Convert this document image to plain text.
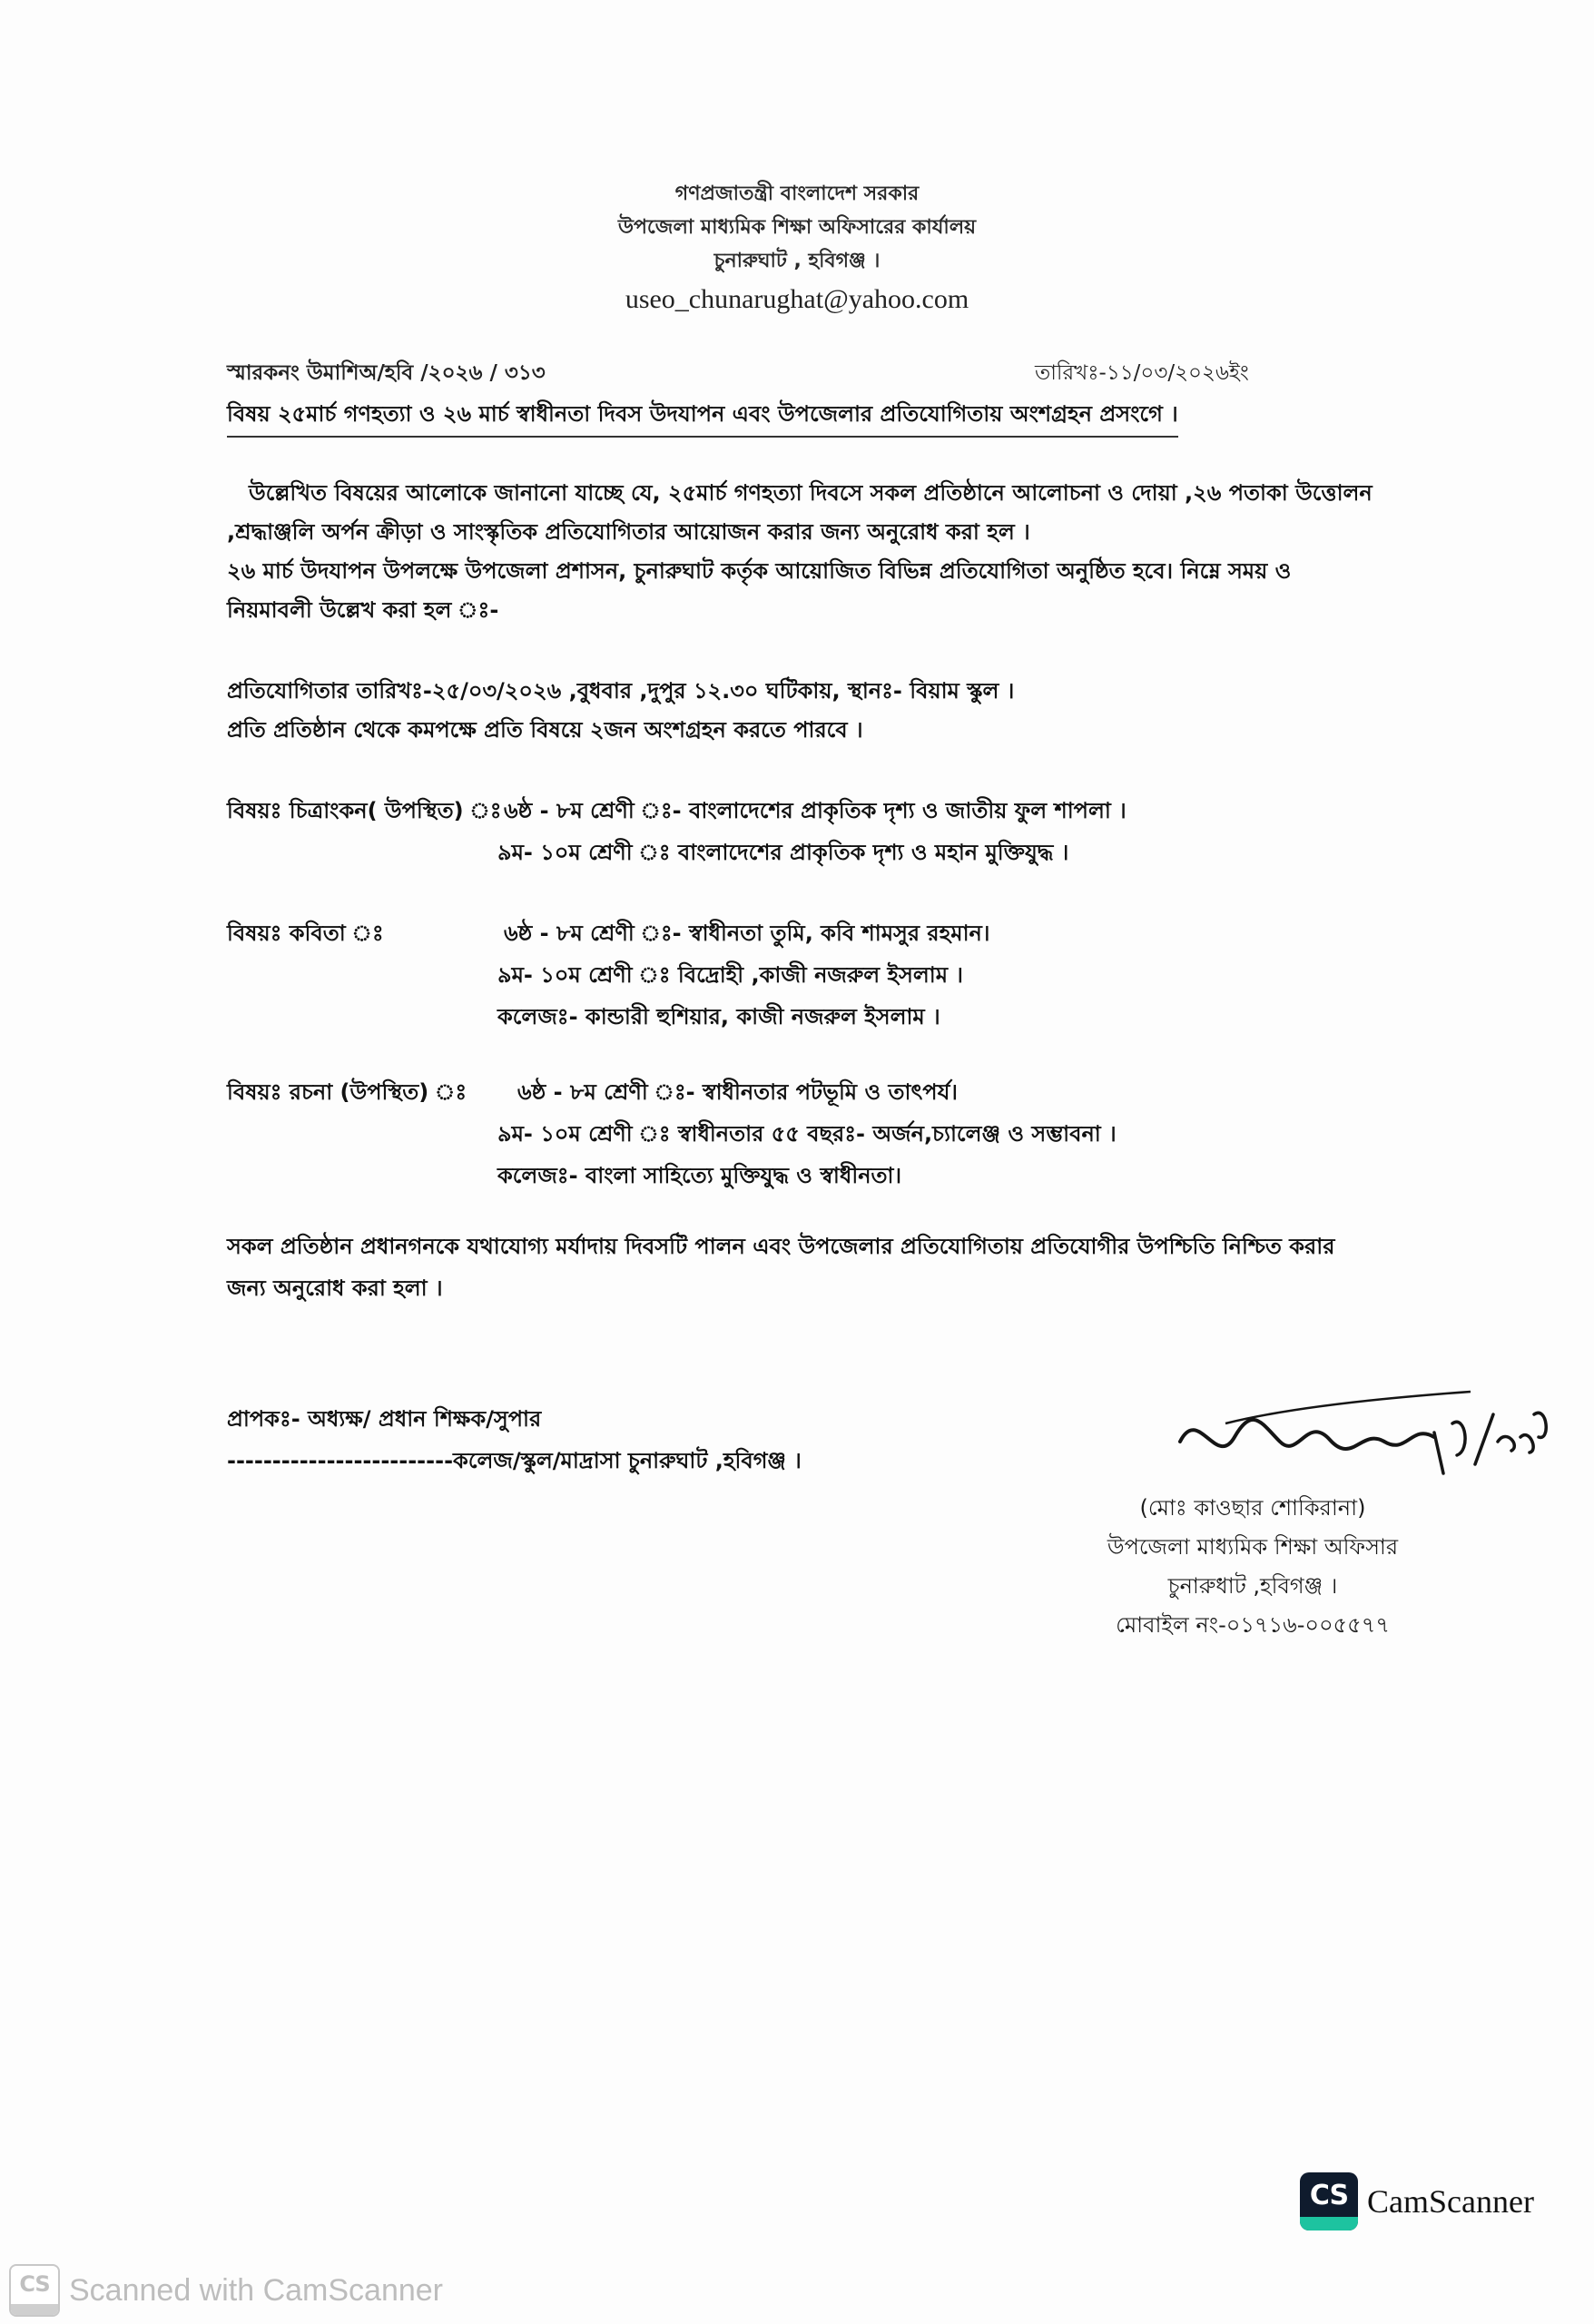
গণপ্রজাতন্ত্রী বাংলাদেশ সরকার
উপজেলা মাধ্যমিক শিক্ষা অফিসারের কার্যালয়
চুনারুঘাট , হবিগঞ্জ ।
useo_chunarughat@yahoo.com
স্মারকনং উমাশিঅ/হবি /২০২৬ / ৩১৩	তারিখঃ-১১/০৩/২০২৬ইং
বিষয় ২৫মার্চ গণহত্যা ও ২৬ মার্চ স্বাধীনতা দিবস উদযাপন এবং উপজেলার প্রতিযোগিতায় অংশগ্রহন প্রসংগে ।
উল্লেখিত বিষয়ের আলোকে জানানো যাচ্ছে যে, ২৫মার্চ গণহত্যা দিবসে সকল প্রতিষ্ঠানে আলোচনা ও দোয়া ,২৬ পতাকা উত্তোলন
,শ্রদ্ধাঞ্জলি অর্পন ক্রীড়া ও সাংস্কৃতিক প্রতিযোগিতার আয়োজন করার জন্য অনুরোধ করা হল ।
২৬ মার্চ উদযাপন উপলক্ষে উপজেলা প্রশাসন, চুনারুঘাট কর্তৃক আয়োজিত বিভিন্ন প্রতিযোগিতা অনুষ্ঠিত হবে। নিম্নে সময় ও
নিয়মাবলী উল্লেখ করা হল ঃ-
প্রতিযোগিতার তারিখঃ-২৫/০৩/২০২৬ ,বুধবার ,দুপুর ১২.৩০ ঘটিকায়, স্থানঃ- বিয়াম স্কুল ।
প্রতি প্রতিষ্ঠান থেকে কমপক্ষে প্রতি বিষয়ে ২জন অংশগ্রহন করতে পারবে ।
বিষয়ঃ চিত্রাংকন( উপস্থিত) ঃ ৬ষ্ঠ - ৮ম শ্রেণী ঃ- বাংলাদেশের প্রাকৃতিক দৃশ্য ও জাতীয় ফুল শাপলা ।
৯ম- ১০ম শ্রেণী ঃ বাংলাদেশের প্রাকৃতিক দৃশ্য ও মহান মুক্তিযুদ্ধ ।
বিষয়ঃ কবিতা ঃ	৬ষ্ঠ - ৮ম শ্রেণী ঃ- স্বাধীনতা তুমি, কবি শামসুর রহমান।
৯ম- ১০ম শ্রেণী ঃ বিদ্রোহী ,কাজী নজরুল ইসলাম ।
কলেজঃ- কান্ডারী হুশিয়ার, কাজী নজরুল ইসলাম ।
বিষয়ঃ রচনা (উপস্থিত) ঃ ৬ষ্ঠ - ৮ম শ্রেণী ঃ- স্বাধীনতার পটভূমি ও তাৎপর্য।
৯ম- ১০ম শ্রেণী ঃ স্বাধীনতার ৫৫ বছরঃ- অর্জন,চ্যালেঞ্জ ও সম্ভাবনা ।
কলেজঃ- বাংলা সাহিত্যে মুক্তিযুদ্ধ ও স্বাধীনতা।
সকল প্রতিষ্ঠান প্রধানগনকে যথাযোগ্য মর্যাদায় দিবসটি পালন এবং উপজেলার প্রতিযোগিতায় প্রতিযোগীর উপশ্চিতি নিশ্চিত করার
জন্য অনুরোধ করা হলা ।
প্রাপকঃ- অধ্যক্ষ/ প্রধান শিক্ষক/সুপার
-------------------------কলেজ/স্কুল/মাদ্রাসা চুনারুঘাট ,হবিগঞ্জ ।
(মোঃ কাওছার শোকিরানা)
উপজেলা মাধ্যমিক শিক্ষা অফিসার
চুনারুধাট ,হবিগঞ্জ ।
মোবাইল নং-০১৭১৬-০০৫৫৭৭
CS CamScanner
CS Scanned with CamScanner
